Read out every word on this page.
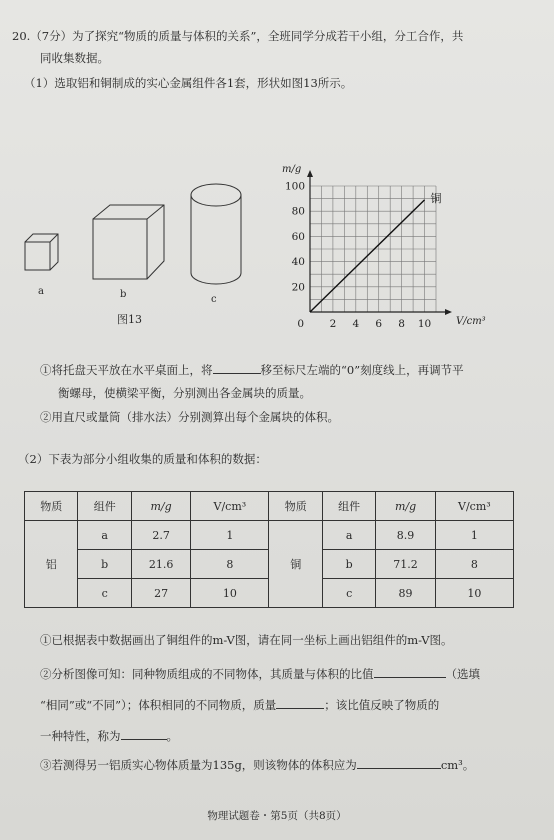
20.（7分）为了探究“物质的质量与体积的关系”，全班同学分成若干小组，分工合作，共
同收集数据。
（1）选取铝和铜制成的实心金属组件各1套，形状如图13所示。
a	b	c
图13
20
40
60
80
100
2 4 6 8 10
0
m/g
V/cm³
铜
①将托盘天平放在水平桌面上，将	移至标尺左端的“0”刻度线上，再调节平
衡螺母，使横梁平衡，分别测出各金属块的质量。
②用直尺或量筒（排水法）分别测算出每个金属块的体积。
（2）下表为部分小组收集的质量和体积的数据：
物质	组件	m/g	V/cm³	物质	组件	m/g	V/cm³
铝	a	2.7	1	铜	a	8.9	1
	b	21.6	8		b	71.2	8
	c	27	10		c	89	10
①已根据表中数据画出了铜组件的m-V图，请在同一坐标上画出铝组件的m-V图。
②分析图像可知：同种物质组成的不同物体，其质量与体积的比值	（选填
“相同”或“不同”）；体积相同的不同物质，质量	；该比值反映了物质的
一种特性，称为	。
③若测得另一铝质实心物体质量为135g，则该物体的体积应为	cm³。
物理试题卷・第5页（共8页）
